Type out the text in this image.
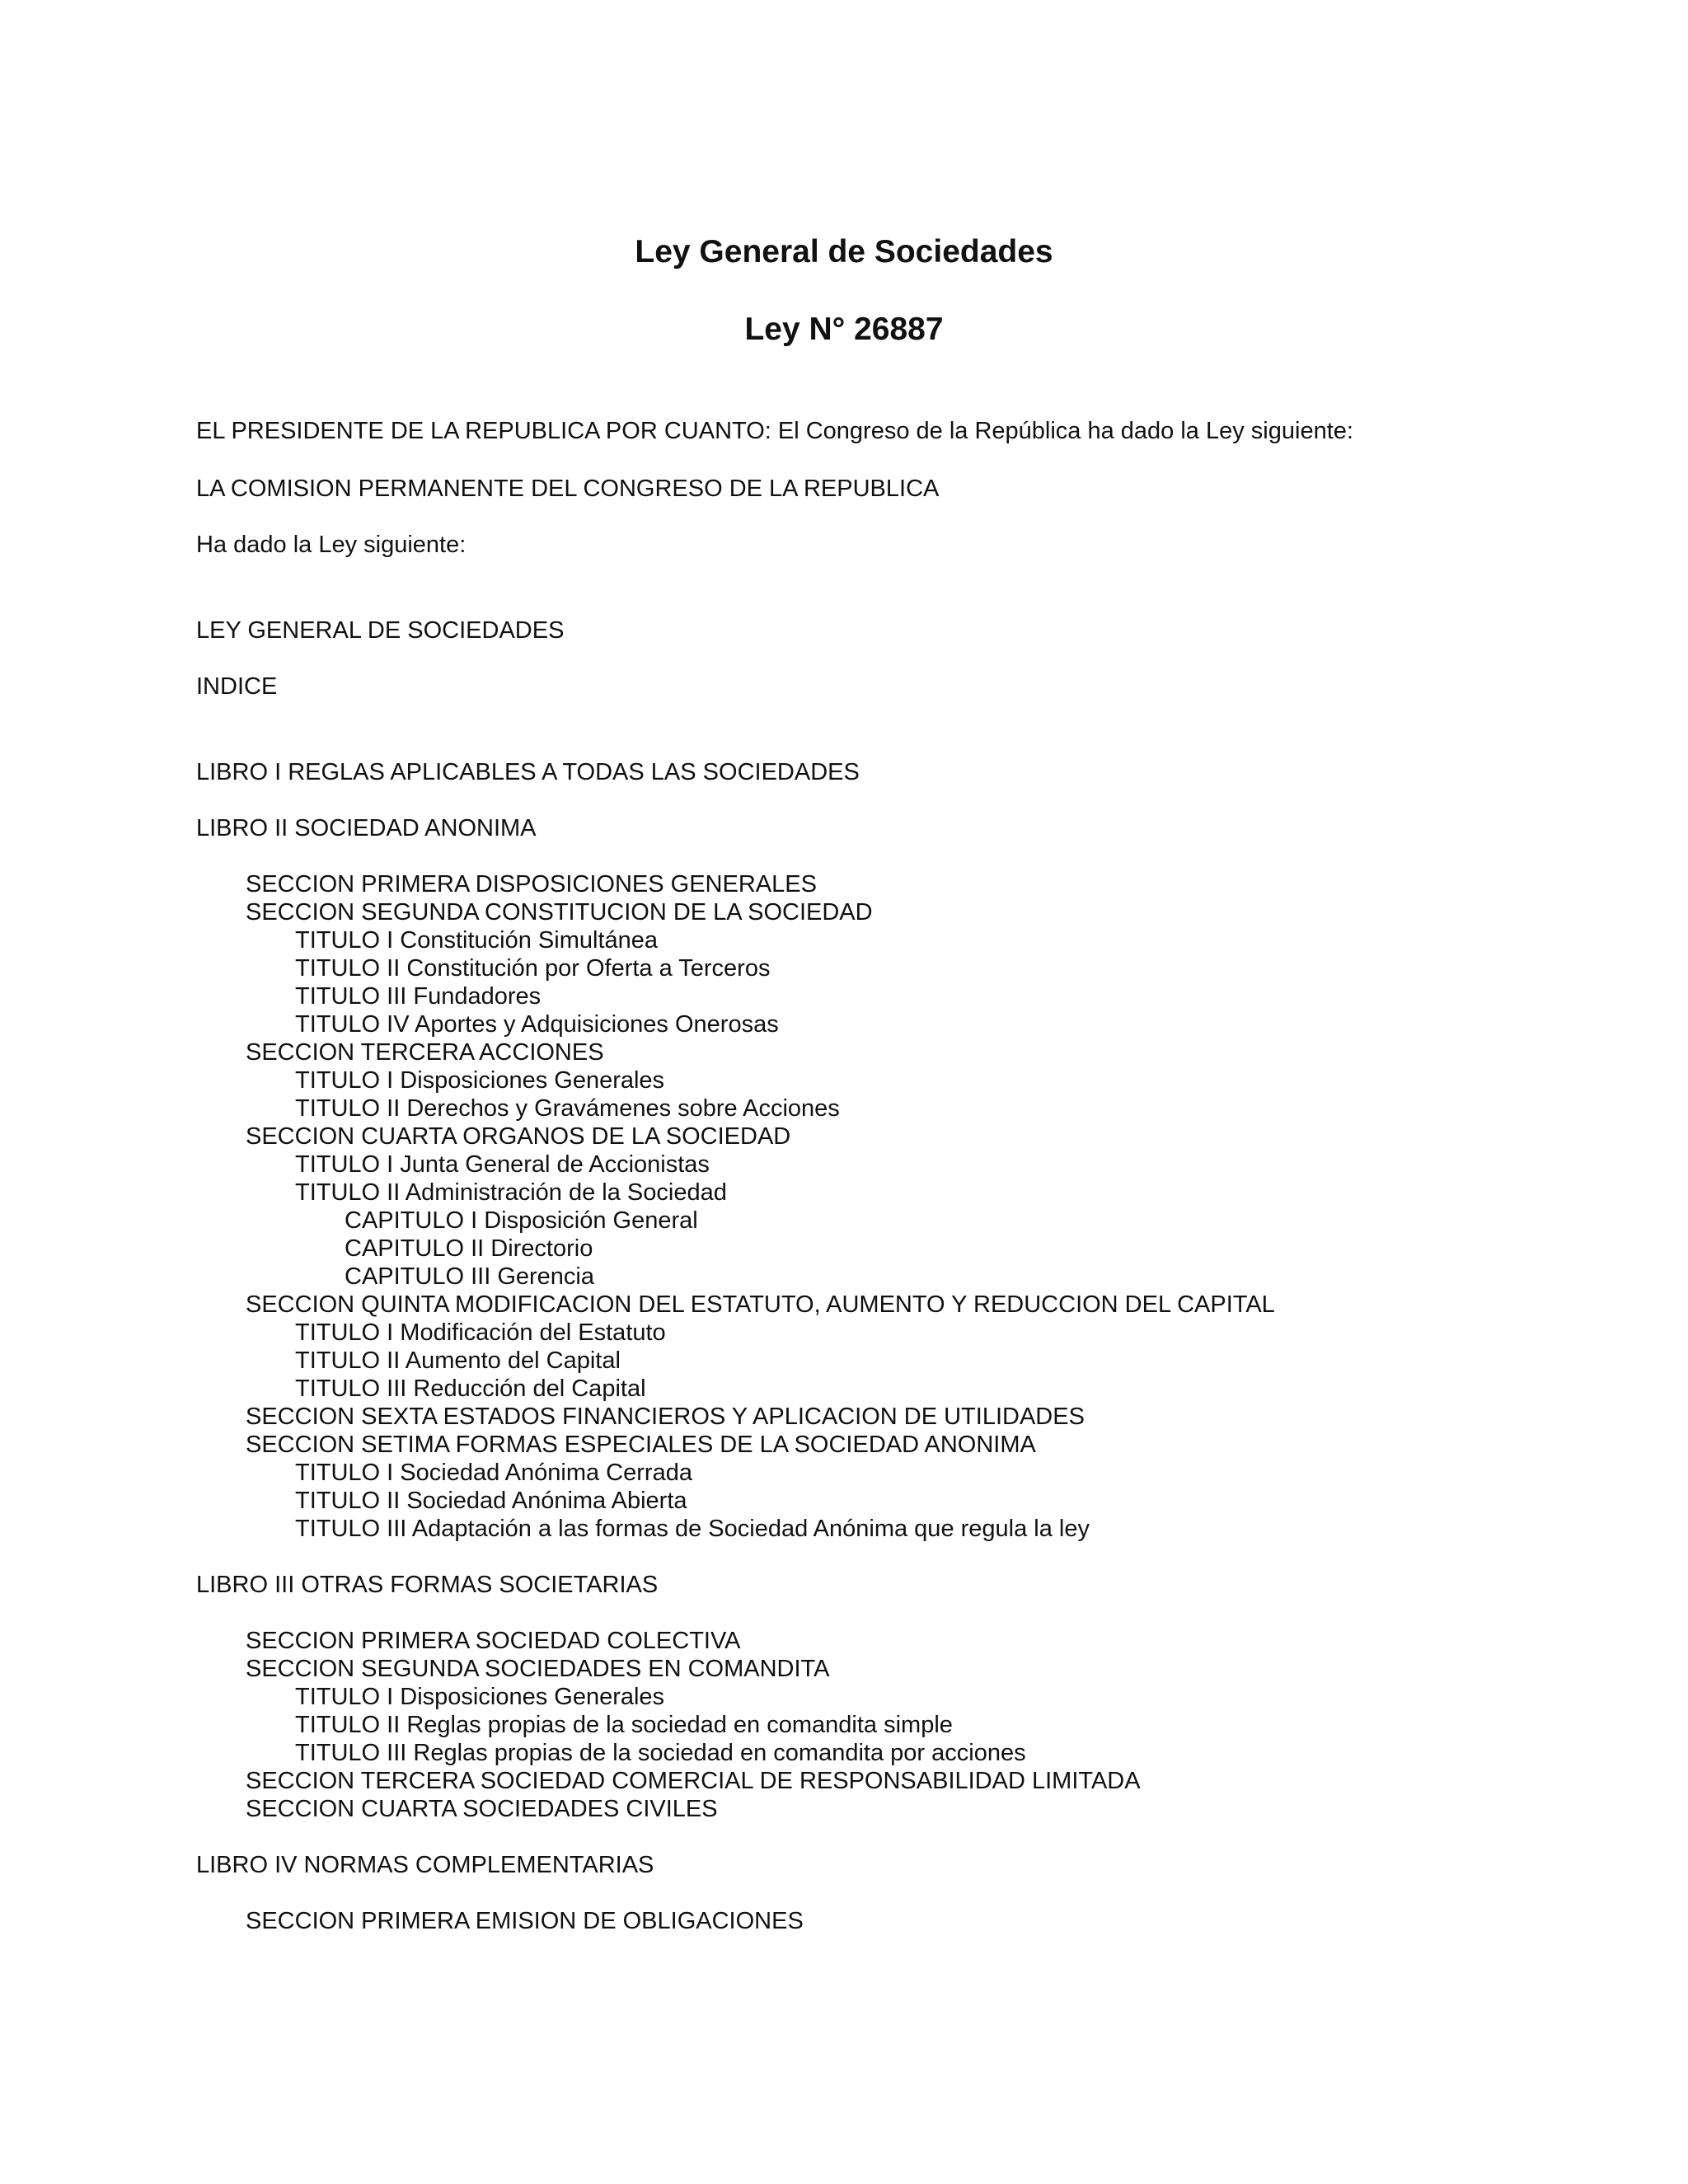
Ley General de Sociedades
Ley N° 26887

EL PRESIDENTE DE LA REPUBLICA POR CUANTO: El Congreso de la República ha dado la Ley siguiente:

LA COMISION PERMANENTE DEL CONGRESO DE LA REPUBLICA

Ha dado la Ley siguiente:

LEY GENERAL DE SOCIEDADES

INDICE

LIBRO I REGLAS APLICABLES A TODAS LAS SOCIEDADES
LIBRO II SOCIEDAD ANONIMA
SECCION PRIMERA DISPOSICIONES GENERALES
SECCION SEGUNDA CONSTITUCION DE LA SOCIEDAD
TITULO I Constitución Simultánea
TITULO II Constitución por Oferta a Terceros
TITULO III Fundadores
TITULO IV Aportes y Adquisiciones Onerosas
SECCION TERCERA ACCIONES
TITULO I Disposiciones Generales
TITULO II Derechos y Gravámenes sobre Acciones
SECCION CUARTA ORGANOS DE LA SOCIEDAD
TITULO I Junta General de Accionistas
TITULO II Administración de la Sociedad
CAPITULO I Disposición General
CAPITULO II Directorio
CAPITULO III Gerencia
SECCION QUINTA MODIFICACION DEL ESTATUTO, AUMENTO Y REDUCCION DEL CAPITAL
TITULO I Modificación del Estatuto
TITULO II Aumento del Capital
TITULO III Reducción del Capital
SECCION SEXTA ESTADOS FINANCIEROS Y APLICACION DE UTILIDADES
SECCION SETIMA FORMAS ESPECIALES DE LA SOCIEDAD ANONIMA
TITULO I Sociedad Anónima Cerrada
TITULO II Sociedad Anónima Abierta
TITULO III Adaptación a las formas de Sociedad Anónima que regula la ley
LIBRO III OTRAS FORMAS SOCIETARIAS
SECCION PRIMERA SOCIEDAD COLECTIVA
SECCION SEGUNDA SOCIEDADES EN COMANDITA
TITULO I Disposiciones Generales
TITULO II Reglas propias de la sociedad en comandita simple
TITULO III Reglas propias de la sociedad en comandita por acciones
SECCION TERCERA SOCIEDAD COMERCIAL DE RESPONSABILIDAD LIMITADA
SECCION CUARTA SOCIEDADES CIVILES
LIBRO IV NORMAS COMPLEMENTARIAS
SECCION PRIMERA EMISION DE OBLIGACIONES
